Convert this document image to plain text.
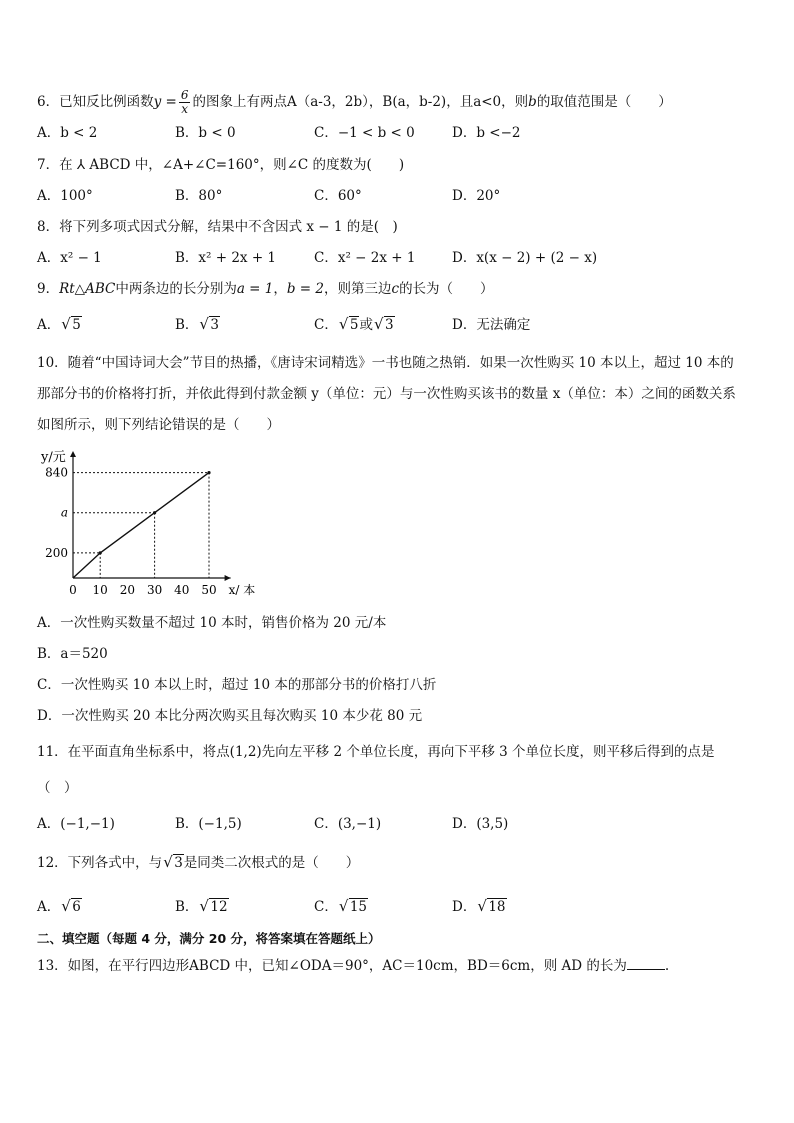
6．已知反比例函数$y = \frac{6}{x}$ 的图象上有两点A（a-3，2b），B(a，b-2)，且a<0，则b的取值范围是（　　）
A．b < 2	B．b < 0	C．−1 < b < 0	D．b <−2
7．在 ⅄ ABCD 中，∠A+∠C=160°，则∠C 的度数为(　　)
A．100°	B．80°	C．60°	D．20°
8．将下列多项式因式分解，结果中不含因式 x − 1 的是(　)
A．x² − 1	B．x² + 2x + 1	C．x² − 2x + 1	D．x(x − 2) + (2 − x)
9．Rt△ABC中两条边的长分别为a = 1，b = 2，则第三边c的长为（　　）
A． √ 5	B． √ 3	C． √ 5或 √ 3	D．无法确定
10．随着“中国诗词大会”节目的热播，《唐诗宋词精选》一书也随之热销．如果一次性购买 10 本以上，超过 10 本的
那部分书的价格将打折，并依此得到付款金额 y（单位：元）与一次性购买该书的数量 x（单位：本）之间的函数关系
如图所示，则下列结论错误的是（　　）
y/元
x/ 本
0 10 20 30 40 50
200
a
840
A．一次性购买数量不超过 10 本时，销售价格为 20 元/本
B．a＝520
C．一次性购买 10 本以上时，超过 10 本的那部分书的价格打八折
D．一次性购买 20 本比分两次购买且每次购买 10 本少花 80 元
11．在平面直角坐标系中，将点(1,2)先向左平移 2 个单位长度，再向下平移 3 个单位长度，则平移后得到的点是
（　）
A．(−1,−1)	B．(−1,5)	C．(3,−1)	D．(3,5)
12．下列各式中，与 √ 3是同类二次根式的是（　　）
A． √ 6	B． √ 12	C． √ 15	D． √ 18
二、填空题（每题 4 分，满分 20 分，将答案填在答题纸上）
13．如图，在平行四边形ABCD 中，已知∠ODA＝90°，AC＝10cm，BD＝6cm，则 AD 的长为	.
